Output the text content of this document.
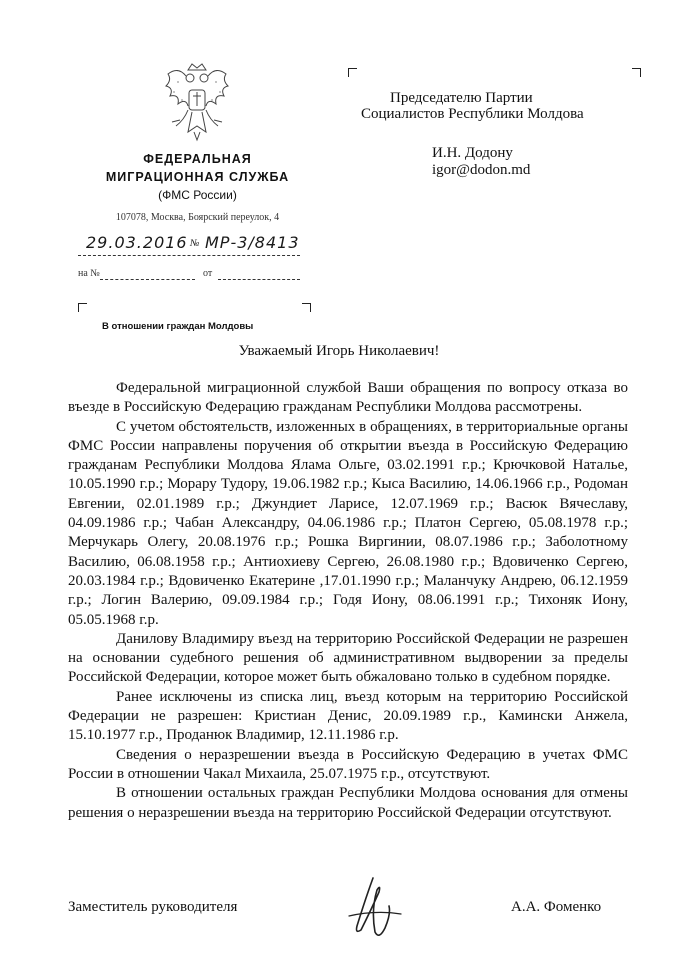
ФЕДЕРАЛЬНАЯ
МИГРАЦИОННАЯ СЛУЖБА
(ФМС России)
107078, Москва, Боярский переулок, 4
29.03.2016 № МР-3/8413
на №	от
В отношении граждан Молдовы
Председателю Партии
Социалистов Республики Молдова
И.Н. Додону
igor@dodon.md
Уважаемый Игорь Николаевич!

Федеральной миграционной службой Ваши обращения по вопросу отказа во въезде в Российскую Федерацию гражданам Республики Молдова рассмотрены.

С учетом обстоятельств, изложенных в обращениях, в территориальные органы ФМС России направлены поручения об открытии въезда в Российскую Федерацию гражданам Республики Молдова Ялама Ольге, 03.02.1991 г.р.; Крючковой Наталье, 10.05.1990 г.р.; Морару Тудору, 19.06.1982 г.р.; Кыса Василию, 14.06.1966 г.р., Родоман Евгении, 02.01.1989 г.р.; Джундиет Ларисе, 12.07.1969 г.р.; Васюк Вячеславу, 04.09.1986 г.р.; Чабан Александру, 04.06.1986 г.р.; Платон Сергею, 05.08.1978 г.р.; Мерчукарь Олегу, 20.08.1976 г.р.; Рошка Виргинии, 08.07.1986 г.р.; Заболотному Василию, 06.08.1958 г.р.; Антиохиеву Сергею, 26.08.1980 г.р.; Вдовиченко Сергею, 20.03.1984 г.р.; Вдовиченко Екатерине ,17.01.1990 г.р.; Маланчуку Андрею, 06.12.1959 г.р.; Логин Валерию, 09.09.1984 г.р.; Годя Иону, 08.06.1991 г.р.; Тихоняк Иону, 05.05.1968 г.р.

Данилову Владимиру въезд на территорию Российской Федерации не разрешен на основании судебного решения об административном выдворении за пределы Российской Федерации, которое может быть обжаловано только в судебном порядке.

Ранее исключены из списка лиц, въезд которым на территорию Российской Федерации не разрешен: Кристиан Денис, 20.09.1989 г.р., Камински Анжела, 15.10.1977 г.р., Проданюк Владимир, 12.11.1986 г.р.

Сведения о неразрешении въезда в Российскую Федерацию в учетах ФМС России в отношении Чакал Михаила, 25.07.1975 г.р., отсутствуют.

В отношении остальных граждан Республики Молдова основания для отмены решения о неразрешении въезда на территорию Российской Федерации отсутствуют.

Заместитель руководителя	А.А. Фоменко
